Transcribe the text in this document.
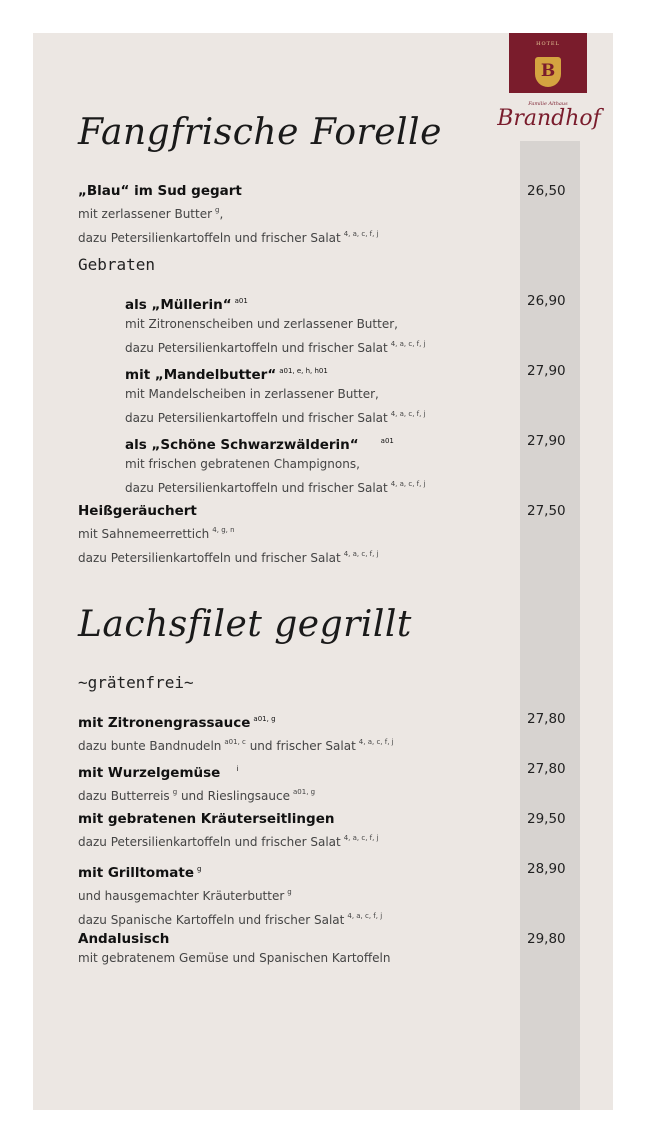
HOTEL
B
Familie Althaus
Brandhof
Fangfrische Forelle
„Blau“ im Sud gegart
mit zerlassener Butter $^g$,
dazu Petersilienkartoffeln und frischer Salat $^{4, a, c, f, j}$
26,50
Gebraten
als „Müllerin“ $^{a01}$
mit Zitronenscheiben und zerlassener Butter,
dazu Petersilienkartoffeln und frischer Salat $^{4, a, c, f, j}$
26,90
mit „Mandelbutter“ $^{a01, e, h, h01}$
mit Mandelscheiben in zerlassener Butter,
dazu Petersilienkartoffeln und frischer Salat $^{4, a, c, f, j}$
27,90
als „Schöne Schwarzwälderin“	$^{a01}$
mit frischen gebratenen Champignons,
dazu Petersilienkartoffeln und frischer Salat $^{4, a, c, f, j}$
27,90
Heißgeräuchert
mit Sahnemeerrettich $^{4, g, n}$
dazu Petersilienkartoffeln und frischer Salat $^{4, a, c, f, j}$
27,50
Lachsfilet gegrillt
~grätenfrei~
mit Zitronengrassauce $^{a01, g}$
dazu bunte Bandnudeln $^{a01, c}$ und frischer Salat $^{4, a, c, f, j}$
27,80
mit Wurzelgemüse $^i$
dazu Butterreis $^g$ und Rieslingsauce $^{a01, g}$
27,80
mit gebratenen Kräuterseitlingen
dazu Petersilienkartoffeln und frischer Salat $^{4, a, c, f, j}$
29,50
mit Grilltomate $^g$
und hausgemachter Kräuterbutter $^g$
dazu Spanische Kartoffeln und frischer Salat $^{4, a, c, f, j}$
28,90
Andalusisch
mit gebratenem Gemüse und Spanischen Kartoffeln
29,80
